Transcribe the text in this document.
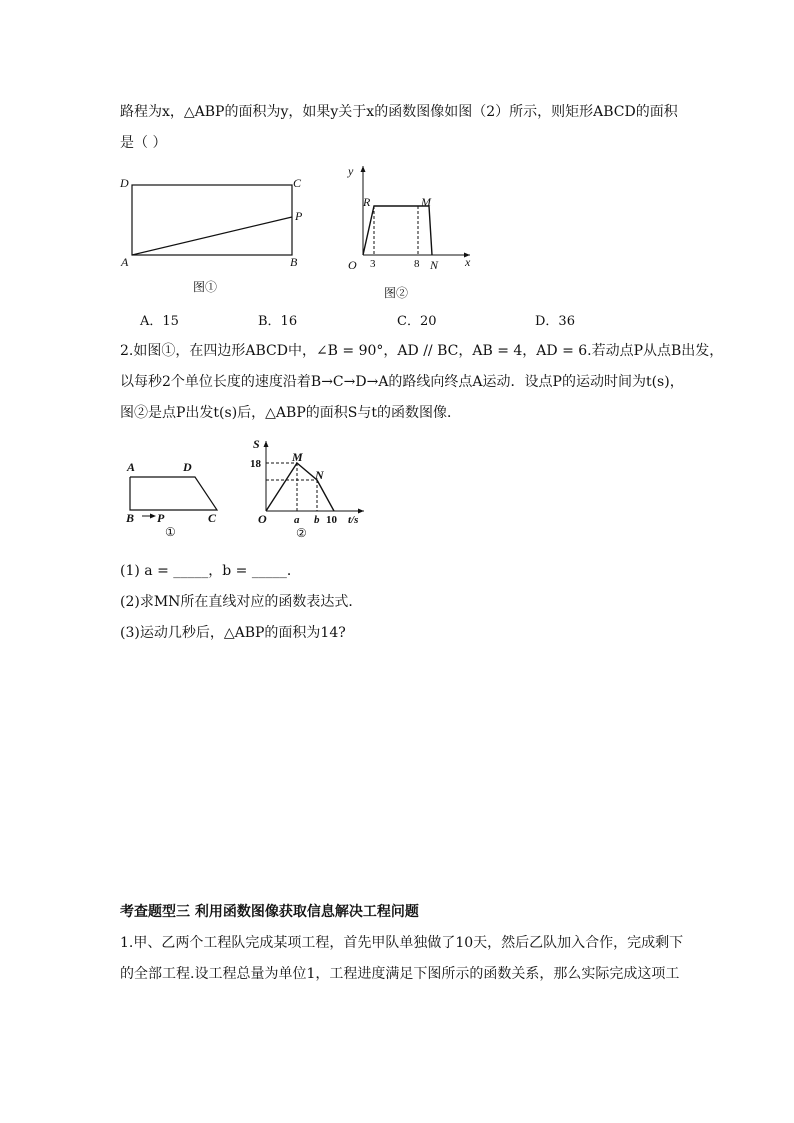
路程为x，△ABP的面积为y，如果y关于x的函数图像如图（2）所示，则矩形ABCD的面积
是（ ）
D	C
P
A	B
图①
y
x
O
R	M
N
3	8
图②
A．15	B．16	C．20	D．36
2.如图①，在四边形ABCD中，∠B = 90°，AD // BC，AB = 4，AD = 6.若动点P从点B出发，
以每秒2个单位长度的速度沿着B→C→D→A的路线向终点A运动．设点P的运动时间为t(s)，
图②是点P出发t(s)后，△ABP的面积S与t的函数图像．
A	D
B P	C
①
S
18	M
N
O a b 10 t/s
②
(1) a = _____，b = _____．
(2)求MN所在直线对应的函数表达式．
(3)运动几秒后，△ABP的面积为14?
考查题型三 利用函数图像获取信息解决工程问题
1.甲、乙两个工程队完成某项工程，首先甲队单独做了10天，然后乙队加入合作，完成剩下
的全部工程.设工程总量为单位1，工程进度满足下图所示的函数关系，那么实际完成这项工
